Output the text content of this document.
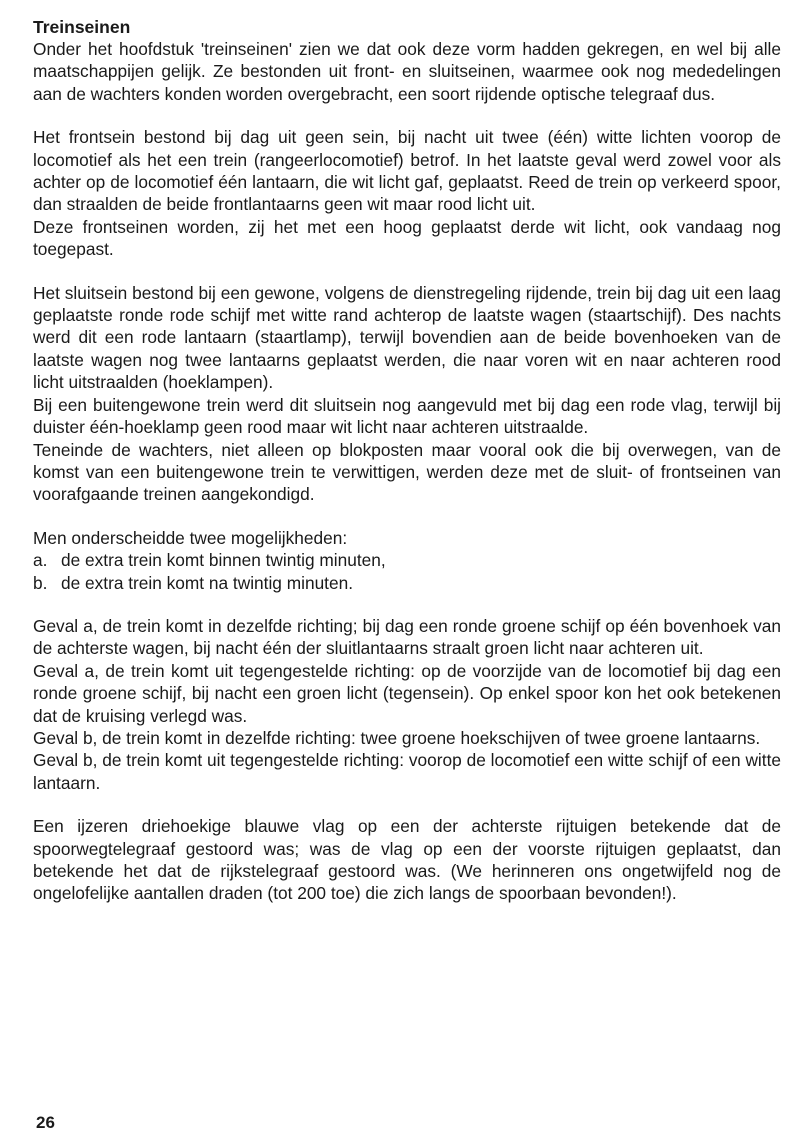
Treinseinen

Onder het hoofdstuk 'treinseinen' zien we dat ook deze vorm hadden gekregen, en wel bij alle maatschappijen gelijk. Ze bestonden uit front- en sluitseinen, waarmee ook nog mededelingen aan de wachters konden worden overgebracht, een soort rijdende optische telegraaf dus.

Het frontsein bestond bij dag uit geen sein, bij nacht uit twee (één) witte lichten voorop de locomotief als het een trein (rangeerlocomotief) betrof. In het laatste geval werd zowel voor als achter op de locomotief één lantaarn, die wit licht gaf, geplaatst. Reed de trein op verkeerd spoor, dan straalden de beide frontlantaarns geen wit maar rood licht uit.

Deze frontseinen worden, zij het met een hoog geplaatst derde wit licht, ook vandaag nog toegepast.

Het sluitsein bestond bij een gewone, volgens de dienstregeling rijdende, trein bij dag uit een laag geplaatste ronde rode schijf met witte rand achterop de laatste wagen (staartschijf). Des nachts werd dit een rode lantaarn (staartlamp), terwijl bovendien aan de beide bovenhoeken van de laatste wagen nog twee lantaarns geplaatst werden, die naar voren wit en naar achteren rood licht uitstraalden (hoeklampen).

Bij een buitengewone trein werd dit sluitsein nog aangevuld met bij dag een rode vlag, terwijl bij duister één-hoeklamp geen rood maar wit licht naar achteren uitstraalde.

Teneinde de wachters, niet alleen op blokposten maar vooral ook die bij overwegen, van de komst van een buitengewone trein te verwittigen, werden deze met de sluit- of frontseinen van voorafgaande treinen aangekondigd.

Men onderscheidde twee mogelijkheden:

a. de extra trein komt binnen twintig minuten,
b. de extra trein komt na twintig minuten.

Geval a, de trein komt in dezelfde richting; bij dag een ronde groene schijf op één bovenhoek van de achterste wagen, bij nacht één der sluitlantaarns straalt groen licht naar achteren uit.

Geval a, de trein komt uit tegengestelde richting: op de voorzijde van de locomotief bij dag een ronde groene schijf, bij nacht een groen licht (tegensein). Op enkel spoor kon het ook betekenen dat de kruising verlegd was.

Geval b, de trein komt in dezelfde richting: twee groene hoekschijven of twee groene lantaarns.

Geval b, de trein komt uit tegengestelde richting: voorop de locomotief een witte schijf of een witte lantaarn.

Een ijzeren driehoekige blauwe vlag op een der achterste rijtuigen betekende dat de spoorwegtelegraaf gestoord was; was de vlag op een der voorste rijtuigen geplaatst, dan betekende het dat de rijkstelegraaf gestoord was. (We herinneren ons ongetwijfeld nog de ongelofelijke aantallen draden (tot 200 toe) die zich langs de spoorbaan bevonden!).

26
